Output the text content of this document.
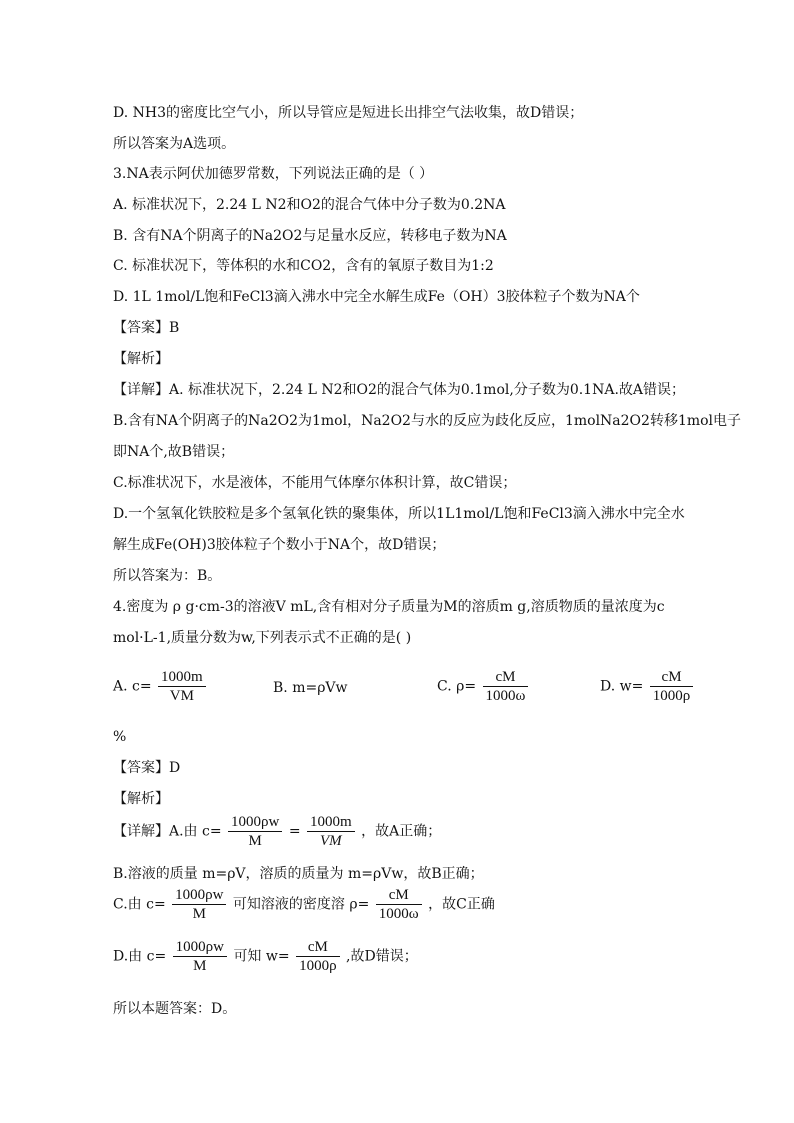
D. NH3的密度比空气小，所以导管应是短进长出排空气法收集，故D错误；
所以答案为A选项。
3.NA表示阿伏加德罗常数，下列说法正确的是（ ）
A. 标准状况下，2.24 L N2和O2的混合气体中分子数为0.2NA
B. 含有NA个阴离子的Na2O2与足量水反应，转移电子数为NA
C. 标准状况下，等体积的水和CO2，含有的氧原子数目为1:2
D. 1L 1mol/L饱和FeCl3滴入沸水中完全水解生成Fe（OH）3胶体粒子个数为NA个
【答案】B
【解析】
【详解】A. 标准状况下，2.24 L N2和O2的混合气体为0.1mol,分子数为0.1NA.故A错误；
B.含有NA个阴离子的Na2O2为1mol，Na2O2与水的反应为歧化反应，1molNa2O2转移1mol电子
即NA个,故B错误；
C.标准状况下，水是液体，不能用气体摩尔体积计算，故C错误；
D.一个氢氧化铁胶粒是多个氢氧化铁的聚集体，所以1L1mol/L饱和FeCl3滴入沸水中完全水
解生成Fe(OH)3胶体粒子个数小于NA个，故D错误；
所以答案为：B。
4.密度为 ρ g·cm-3的溶液V mL,含有相对分子质量为M的溶质m g,溶质物质的量浓度为c
mol·L-1,质量分数为w,下列表示式不正确的是( )
A. $c= \frac{1000m}{VM}$	B. m=ρVw	C. $\rho= \frac{cM}{1000\omega}$	D. $w= \frac{cM}{1000\rho}$
%
【答案】D
【解析】
【详解】A.由 $c= \frac{1000\rho w}{M} = \frac{1000m}{VM}$ ，故A正确；
B.溶液的质量 m=ρV，溶质的质量为 m=ρVw，故B正确；
C.由 $c= \frac{1000\rho w}{M}$ 可知溶液的密度溶 $\rho= \frac{cM}{1000\omega}$ ，故C正确
D.由 $c= \frac{1000\rho w}{M}$ 可知 $w= \frac{cM}{1000\rho}$ ,故D错误；
所以本题答案：D。
